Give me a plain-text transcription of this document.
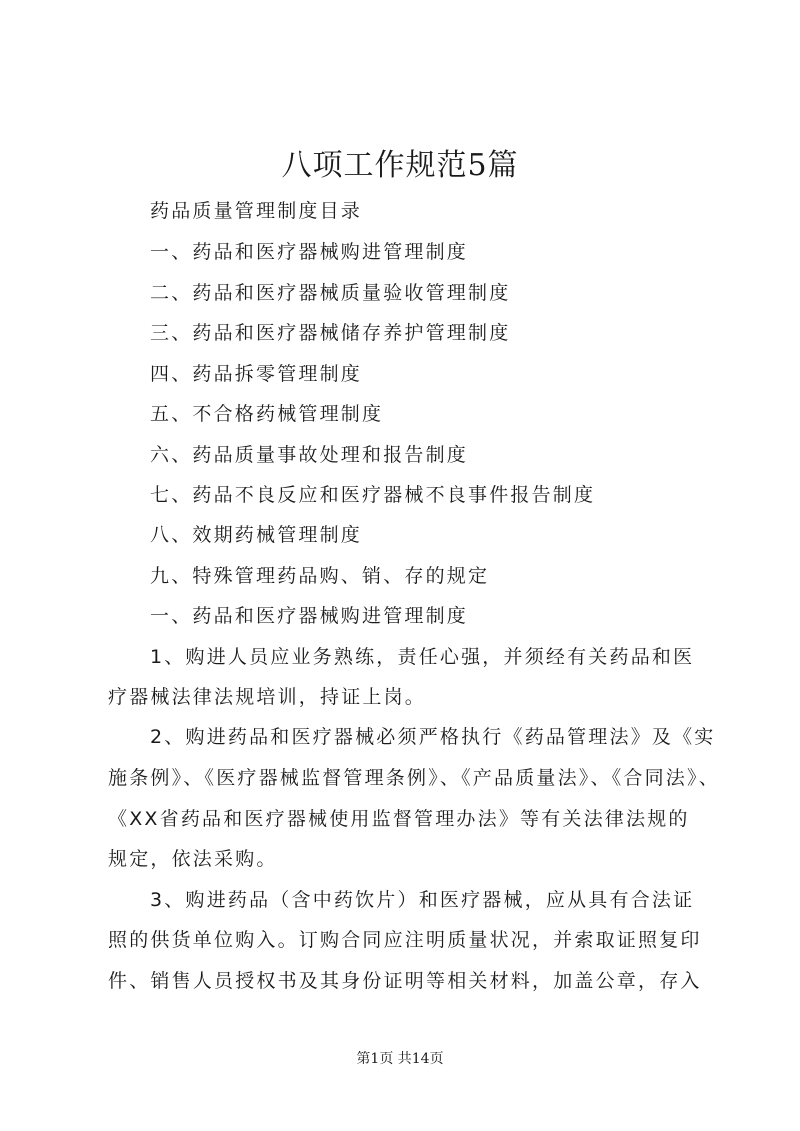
八项工作规范5篇
药品质量管理制度目录
一、药品和医疗器械购进管理制度
二、药品和医疗器械质量验收管理制度
三、药品和医疗器械储存养护管理制度
四、药品拆零管理制度
五、不合格药械管理制度
六、药品质量事故处理和报告制度
七、药品不良反应和医疗器械不良事件报告制度
八、效期药械管理制度
九、特殊管理药品购、销、存的规定
一、药品和医疗器械购进管理制度
1、购进人员应业务熟练，责任心强，并须经有关药品和医
疗器械法律法规培训，持证上岗。
2、购进药品和医疗器械必须严格执行《药品管理法》及《实
施条例》、《医疗器械监督管理条例》、《产品质量法》、《合同法》、
《XX省药品和医疗器械使用监督管理办法》等有关法律法规的
规定，依法采购。
3、购进药品（含中药饮片）和医疗器械，应从具有合法证
照的供货单位购入。订购合同应注明质量状况，并索取证照复印
件、销售人员授权书及其身份证明等相关材料，加盖公章，存入
第1页 共14页
